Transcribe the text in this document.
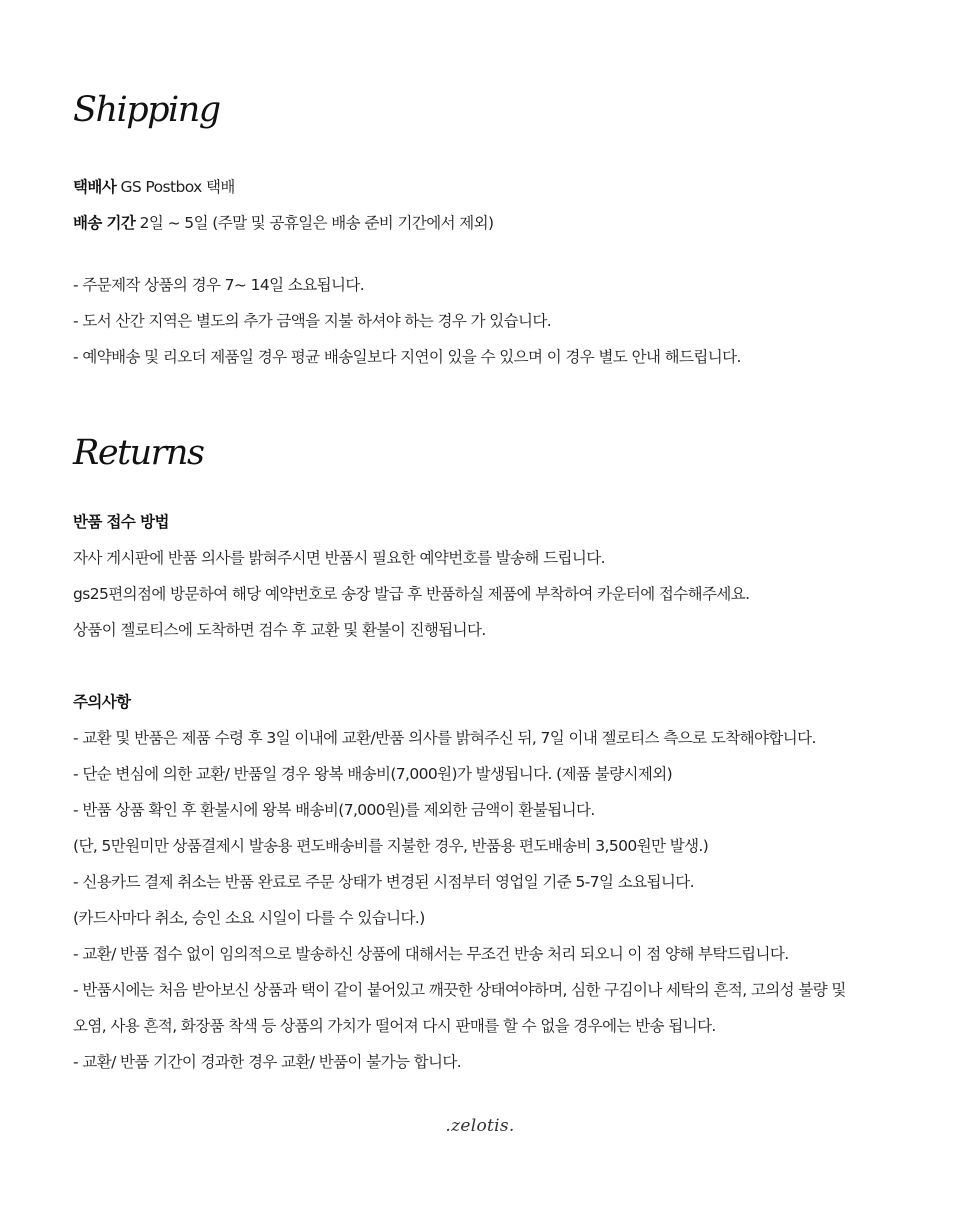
Shipping
택배사 GS Postbox 택배
배송 기간 2일 ~ 5일 (주말 및 공휴일은 배송 준비 기간에서 제외)
- 주문제작 상품의 경우 7~ 14일 소요됩니다.
- 도서 산간 지역은 별도의 추가 금액을 지불 하셔야 하는 경우 가 있습니다.
- 예약배송 및 리오더 제품일 경우 평균 배송일보다 지연이 있을 수 있으며 이 경우 별도 안내 해드립니다.
Returns
반품 접수 방법
자사 게시판에 반품 의사를 밝혀주시면 반품시 필요한 예약번호를 발송해 드립니다.
gs25편의점에 방문하여 해당 예약번호로 송장 발급 후 반품하실 제품에 부착하여 카운터에 접수해주세요.
상품이 젤로티스에 도착하면 검수 후 교환 및 환불이 진행됩니다.
주의사항
- 교환 및 반품은 제품 수령 후 3일 이내에 교환/반품 의사를 밝혀주신 뒤, 7일 이내 젤로티스 측으로 도착해야합니다.
- 단순 변심에 의한 교환/ 반품일 경우 왕복 배송비(7,000원)가 발생됩니다. (제품 불량시제외)
- 반품 상품 확인 후 환불시에 왕복 배송비(7,000원)를 제외한 금액이 환불됩니다.
(단, 5만원미만 상품결제시 발송용 편도배송비를 지불한 경우, 반품용 편도배송비 3,500원만 발생.)
- 신용카드 결제 취소는 반품 완료로 주문 상태가 변경된 시점부터 영업일 기준 5-7일 소요됩니다.
(카드사마다 취소, 승인 소요 시일이 다를 수 있습니다.)
- 교환/ 반품 접수 없이 임의적으로 발송하신 상품에 대해서는 무조건 반송 처리 되오니 이 점 양해 부탁드립니다.
- 반품시에는 처음 받아보신 상품과 택이 같이 붙어있고 깨끗한 상태여야하며, 심한 구김이나 세탁의 흔적, 고의성 불량 및
오염, 사용 흔적, 화장품 착색 등 상품의 가치가 떨어져 다시 판매를 할 수 없을 경우에는 반송 됩니다.
- 교환/ 반품 기간이 경과한 경우 교환/ 반품이 불가능 합니다.
.zelotis.
